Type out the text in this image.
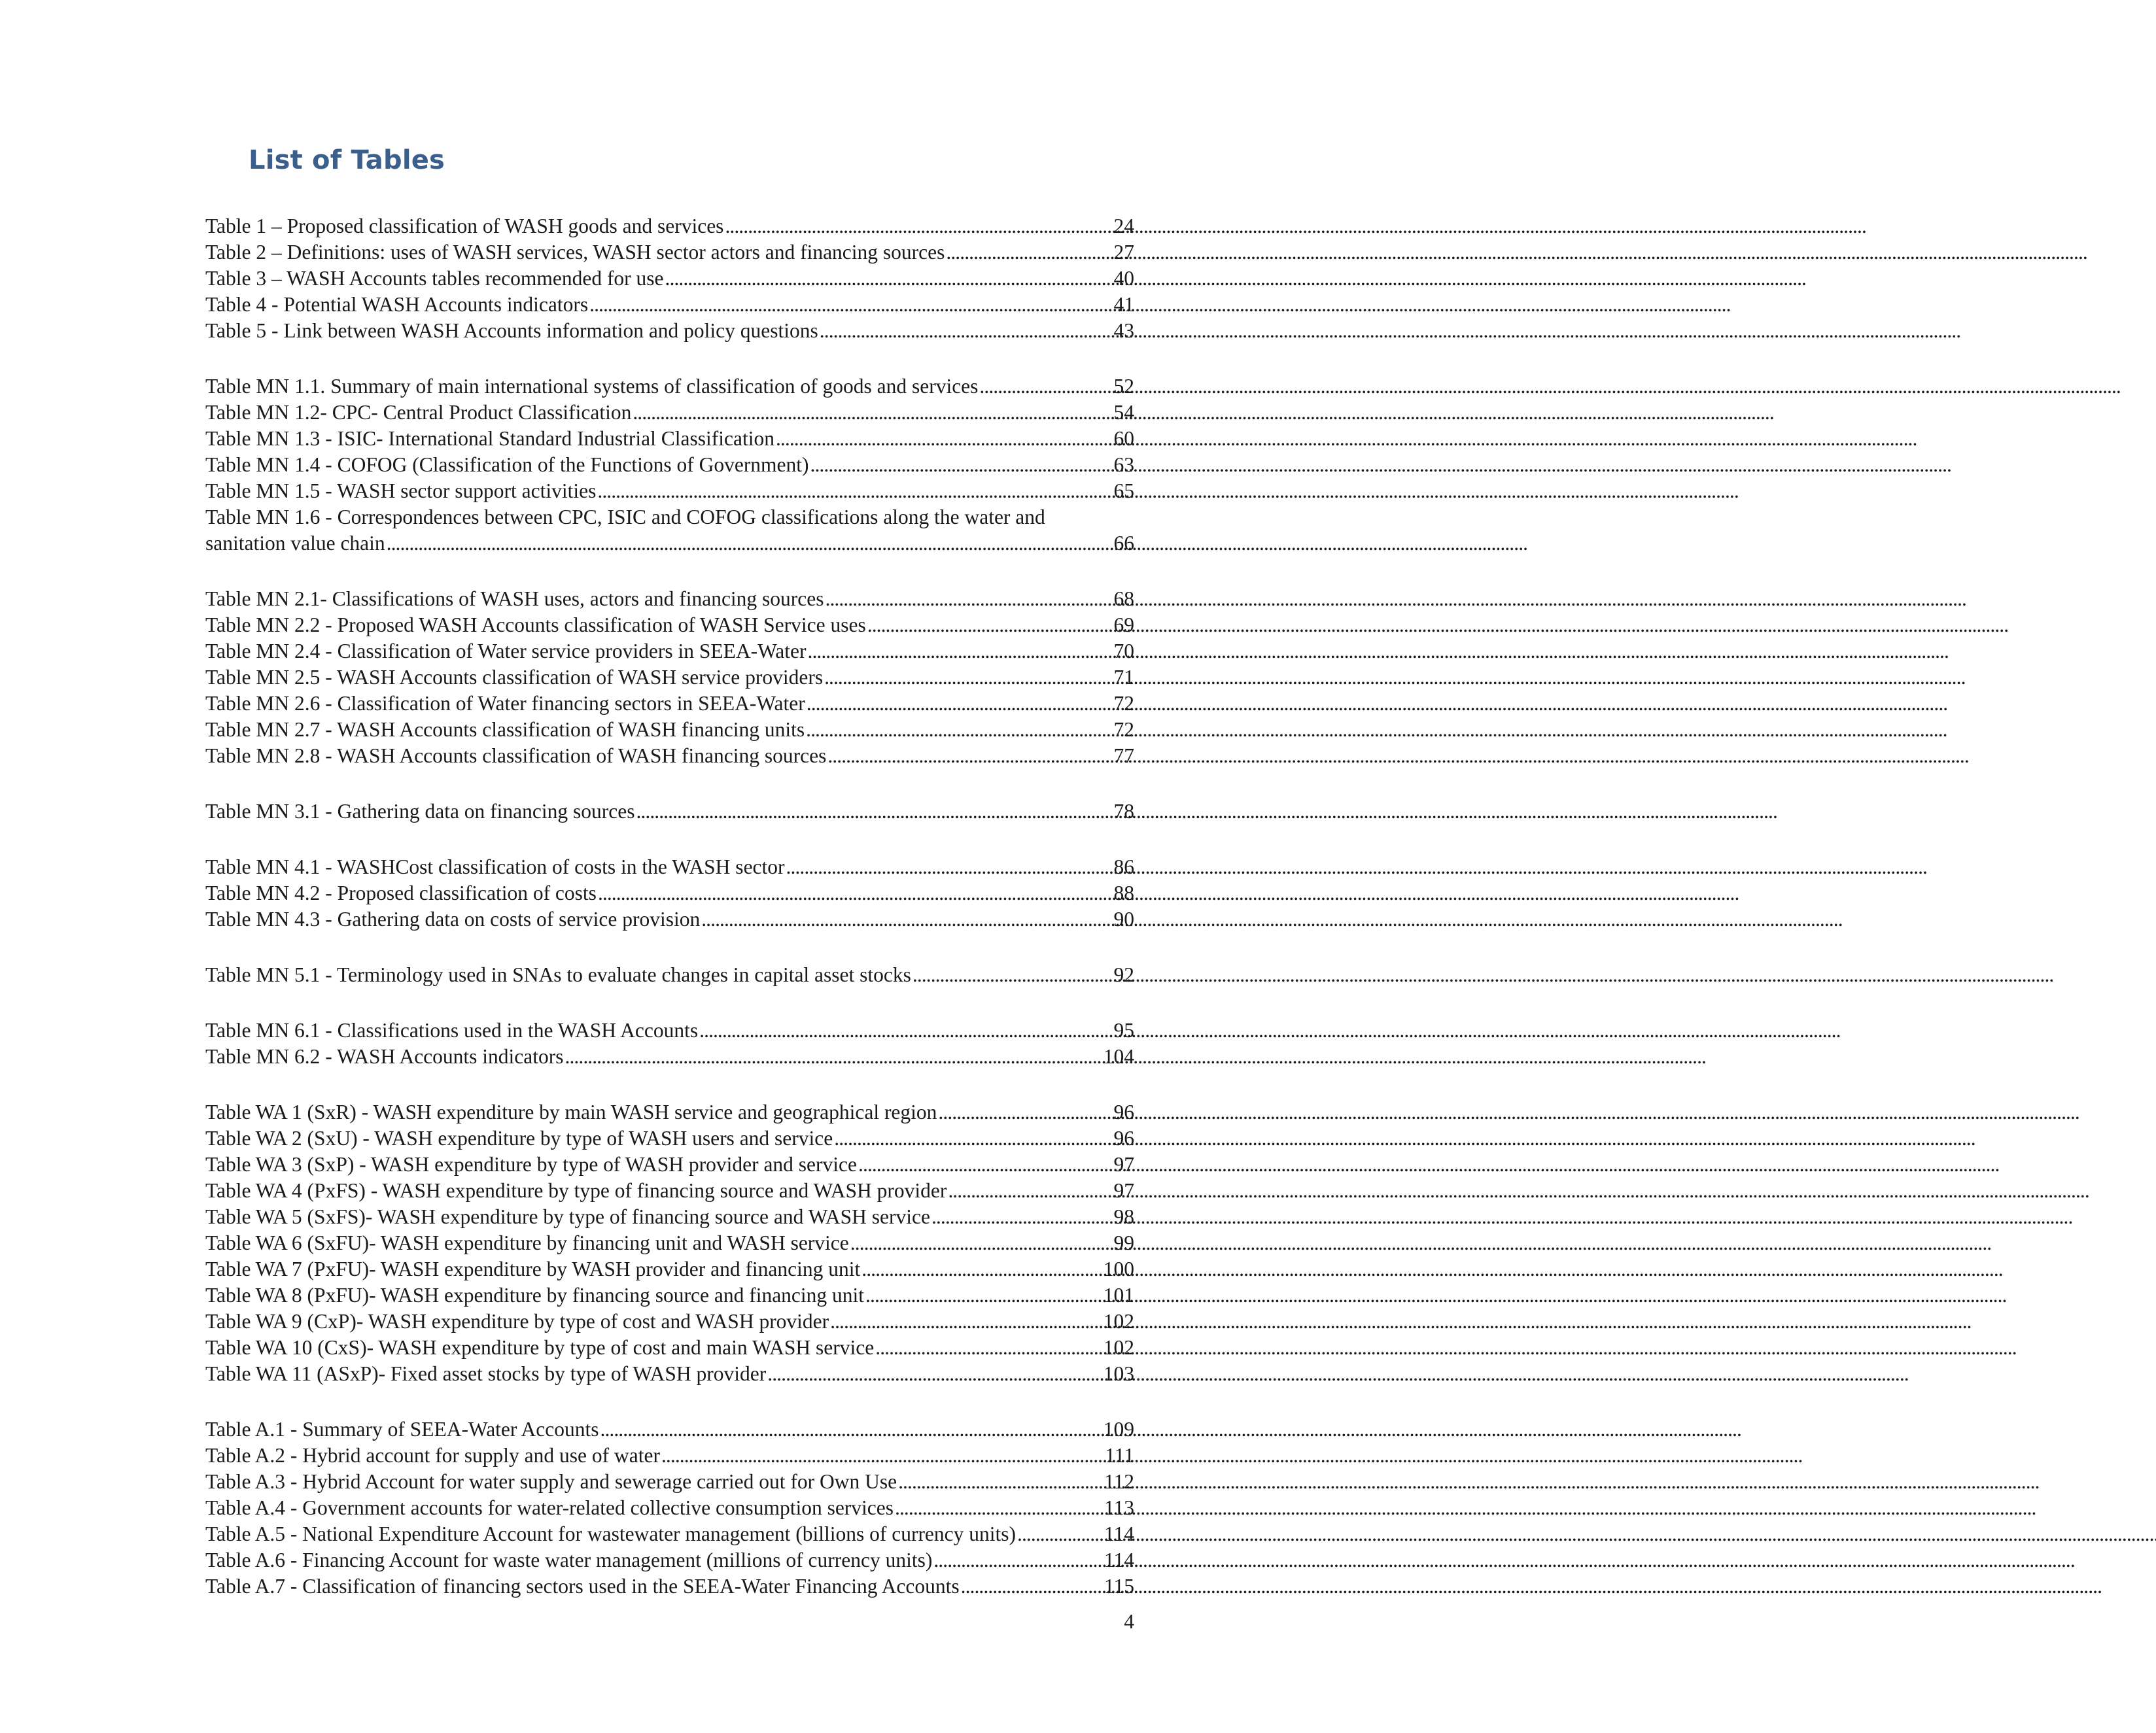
List of Tables
Table 1 – Proposed classification of WASH goods and services . . .	24
Table 2 – Definitions: uses of WASH services, WASH sector actors and financing sources . . .	27
Table 3 – WASH Accounts tables recommended for use . . .	40
Table 4 - Potential WASH Accounts indicators . . .	41
Table 5 - Link between WASH Accounts information and policy questions . . .	43
Table MN 1.1. Summary of main international systems of classification of goods and services . . .	52
Table MN 1.2- CPC- Central Product Classification . . .	54
Table MN 1.3 - ISIC- International Standard Industrial Classification . . .	60
Table MN 1.4 - COFOG (Classification of the Functions of Government) . . .	63
Table MN 1.5 - WASH sector support activities . . .	65
Table MN 1.6 - Correspondences between CPC, ISIC and COFOG classifications along the water and
sanitation value chain . . .	66
Table MN 2.1- Classifications of WASH uses, actors and financing sources . . .	68
Table MN 2.2 - Proposed WASH Accounts classification of WASH Service uses . . .	69
Table MN 2.4 - Classification of Water service providers in SEEA-Water . . .	70
Table MN 2.5 - WASH Accounts classification of WASH service providers . . .	71
Table MN 2.6 - Classification of Water financing sectors in SEEA-Water . . .	72
Table MN 2.7 - WASH Accounts classification of WASH financing units . . .	72
Table MN 2.8 - WASH Accounts classification of WASH financing sources . . .	77
Table MN 3.1 - Gathering data on financing sources . . .	78
Table MN 4.1 - WASHCost classification of costs in the WASH sector . . .	86
Table MN 4.2 - Proposed classification of costs . . .	88
Table MN 4.3 - Gathering data on costs of service provision . . .	90
Table MN 5.1 - Terminology used in SNAs to evaluate changes in capital asset stocks . . .	92
Table MN 6.1 - Classifications used in the WASH Accounts . . .	95
Table MN 6.2 - WASH Accounts indicators . . .	104
Table WA 1 (SxR) - WASH expenditure by main WASH service and geographical region . . .	96
Table WA 2 (SxU) - WASH expenditure by type of WASH users and service . . .	96
Table WA 3 (SxP) - WASH expenditure by type of WASH provider and service . . .	97
Table WA 4 (PxFS) - WASH expenditure by type of financing source and WASH provider . . .	97
Table WA 5 (SxFS)- WASH expenditure by type of financing source and WASH service . . .	98
Table WA 6 (SxFU)- WASH expenditure by financing unit and WASH service . . .	99
Table WA 7 (PxFU)- WASH expenditure by WASH provider and financing unit . . .	100
Table WA 8 (PxFU)- WASH expenditure by financing source and financing unit . . .	101
Table WA 9 (CxP)- WASH expenditure by type of cost and WASH provider . . .	102
Table WA 10 (CxS)- WASH expenditure by type of cost and main WASH service . . .	102
Table WA 11 (ASxP)- Fixed asset stocks by type of WASH provider . . .	103
Table A.1 - Summary of SEEA-Water Accounts . . .	109
Table A.2 - Hybrid account for supply and use of water . . .	111
Table A.3 - Hybrid Account for water supply and sewerage carried out for Own Use . . .	112
Table A.4 - Government accounts for water-related collective consumption services . . .	113
Table A.5 - National Expenditure Account for wastewater management (billions of currency units) . . .	114
Table A.6 - Financing Account for waste water management (millions of currency units) . . .	114
Table A.7 - Classification of financing sectors used in the SEEA-Water Financing Accounts . . .	115
4
